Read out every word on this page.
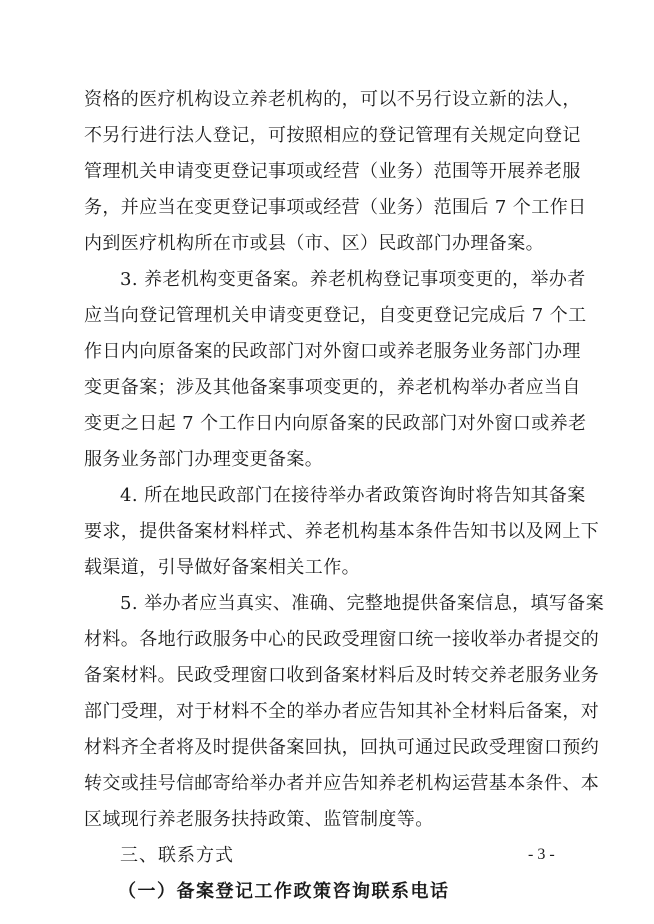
资格的医疗机构设立养老机构的，可以不另行设立新的法人，
不另行进行法人登记，可按照相应的登记管理有关规定向登记
管理机关申请变更登记事项或经营（业务）范围等开展养老服
务，并应当在变更登记事项或经营（业务）范围后 7 个工作日
内到医疗机构所在市或县（市、区）民政部门办理备案。
3. 养老机构变更备案。养老机构登记事项变更的，举办者
应当向登记管理机关申请变更登记，自变更登记完成后 7 个工
作日内向原备案的民政部门对外窗口或养老服务业务部门办理
变更备案；涉及其他备案事项变更的，养老机构举办者应当自
变更之日起 7 个工作日内向原备案的民政部门对外窗口或养老
服务业务部门办理变更备案。
4. 所在地民政部门在接待举办者政策咨询时将告知其备案
要求，提供备案材料样式、养老机构基本条件告知书以及网上下
载渠道，引导做好备案相关工作。
5. 举办者应当真实、准确、完整地提供备案信息，填写备案
材料。各地行政服务中心的民政受理窗口统一接收举办者提交的
备案材料。民政受理窗口收到备案材料后及时转交养老服务业务
部门受理，对于材料不全的举办者应告知其补全材料后备案，对
材料齐全者将及时提供备案回执，回执可通过民政受理窗口预约
转交或挂号信邮寄给举办者并应告知养老机构运营基本条件、本
区域现行养老服务扶持政策、监管制度等。
三、联系方式
（一）备案登记工作政策咨询联系电话
- 3 -
